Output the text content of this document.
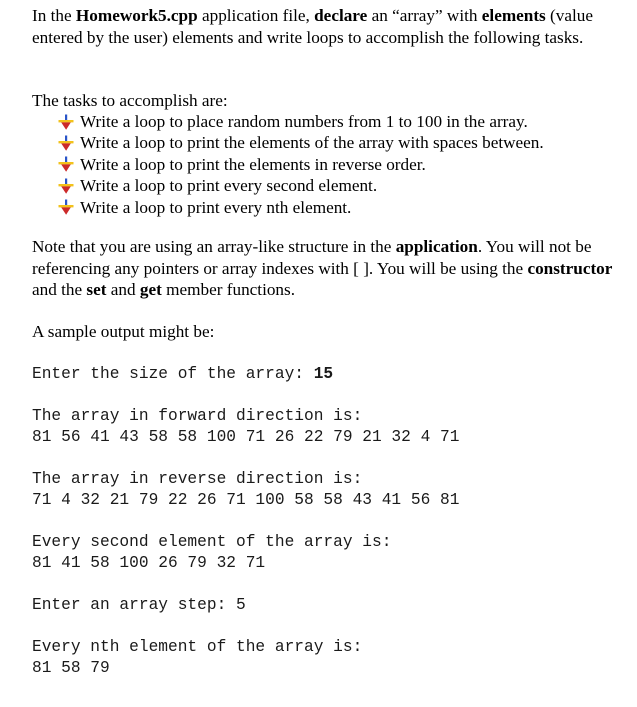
In the Homework5.cpp application file, declare an “array” with elements (value entered by the user) elements and write loops to accomplish the following tasks.

The tasks to accomplish are:

Write a loop to place random numbers from 1 to 100 in the array.
Write a loop to print the elements of the array with spaces between.
Write a loop to print the elements in reverse order.
Write a loop to print every second element.
Write a loop to print every nth element.

Note that you are using an array-like structure in the application. You will not be referencing any pointers or array indexes with [ ]. You will be using the constructor and the set and get member functions.

A sample output might be:

Enter the size of the array: 15
The array in forward direction is:
81 56 41 43 58 58 100 71 26 22 79 21 32 4 71
The array in reverse direction is:
71 4 32 21 79 22 26 71 100 58 58 43 41 56 81
Every second element of the array is:
81 41 58 100 26 79 32 71
Enter an array step: 5
Every nth element of the array is:
81 58 79
